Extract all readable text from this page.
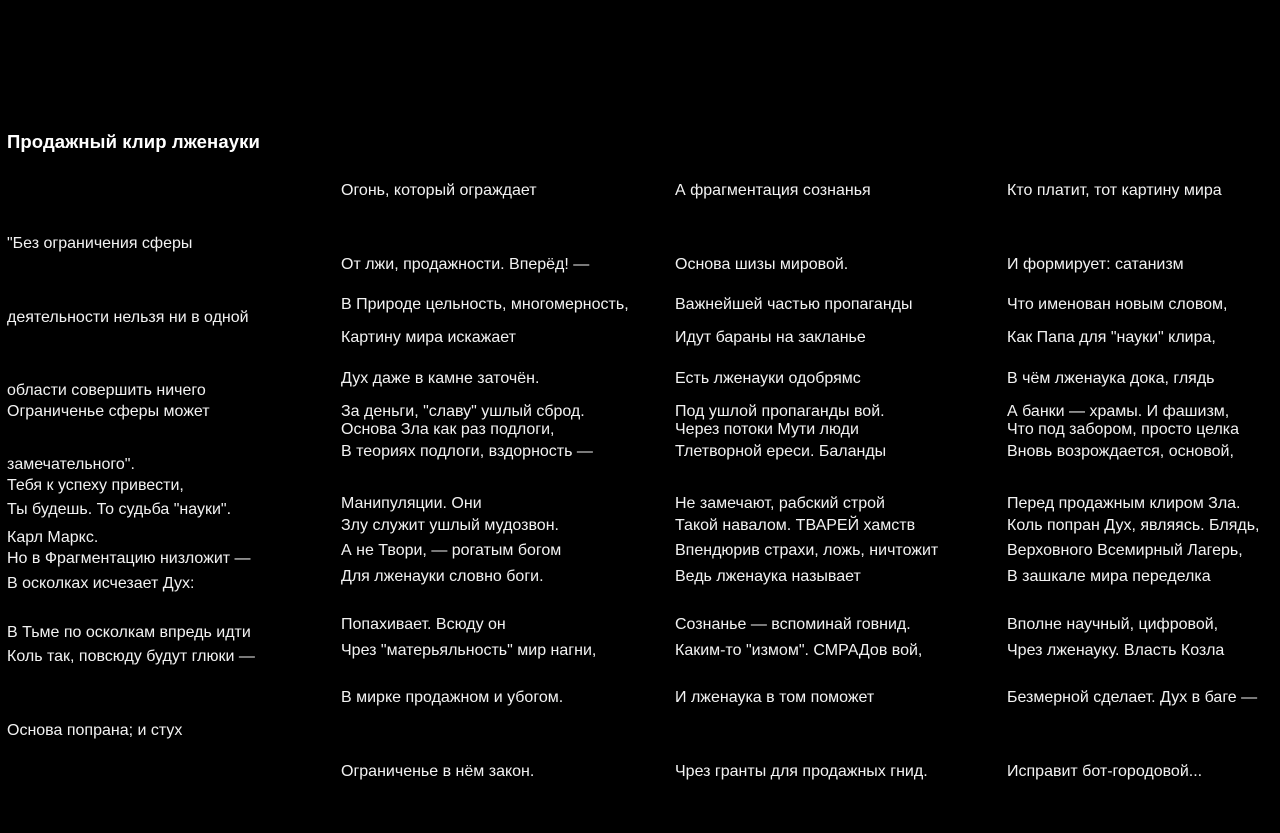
Продажный клир лженауки

"Без ограничения сферы

деятельности нельзя ни в одной

области совершить ничего

замечательного".

Карл Маркс.

Ограниченье сферы может

Тебя к успеху привести,

Но в Фрагментацию низложит —

В Тьме по осколкам впредь идти

Ты будешь. То судьба "науки".

В осколках исчезает Дух:

Коль так, повсюду будут глюки —

Основа попрана; и стух

Огонь, который ограждает

От лжи, продажности. Вперёд! —

Картину мира искажает

За деньги, "славу" ушлый сброд.

В Природе цельность, многомерность,

Дух даже в камне заточён.

В теориях подлоги, вздорность —

Злу служит ушлый мудозвон.

Основа Зла как раз подлоги,

Манипуляции. Они

Для лженауки словно боги.

Чрез "матерьяльность" мир нагни,

А не Твори, — рогатым богом

Попахивает. Всюду он

В мирке продажном и убогом.

Ограниченье в нём закон.

А фрагментация сознанья

Основа шизы мировой.

Идут бараны на закланье

Под ушлой пропаганды вой.

Важнейшей частью пропаганды

Есть лженауки одобрямс

Тлетворной ереси. Баланды

Такой навалом. ТВАРЕЙ хамств

Через потоки Мути люди

Не замечают, рабский строй

Ведь лженаука называет

Каким-то "измом". СМРАДов вой,

Впендюрив страхи, ложь, ничтожит

Сознанье — вспоминай говнид.

И лженаука в том поможет

Чрез гранты для продажных гнид.

Кто платит, тот картину мира

И формирует: сатанизм

Как Папа для "науки" клира,

А банки — храмы. И фашизм,

Что именован новым словом,

В чём лженаука дока, глядь

Вновь возрождается, основой,

Коль попран Дух, являясь. Блядь,

Что под забором, просто целка

Перед продажным клиром Зла.

В зашкале мира переделка

Чрез лженауку. Власть Козла

Верховного Всемирный Лагерь,

Вполне научный, цифровой,

Безмерной сделает. Дух в баге —

Исправит бот-городовой...
